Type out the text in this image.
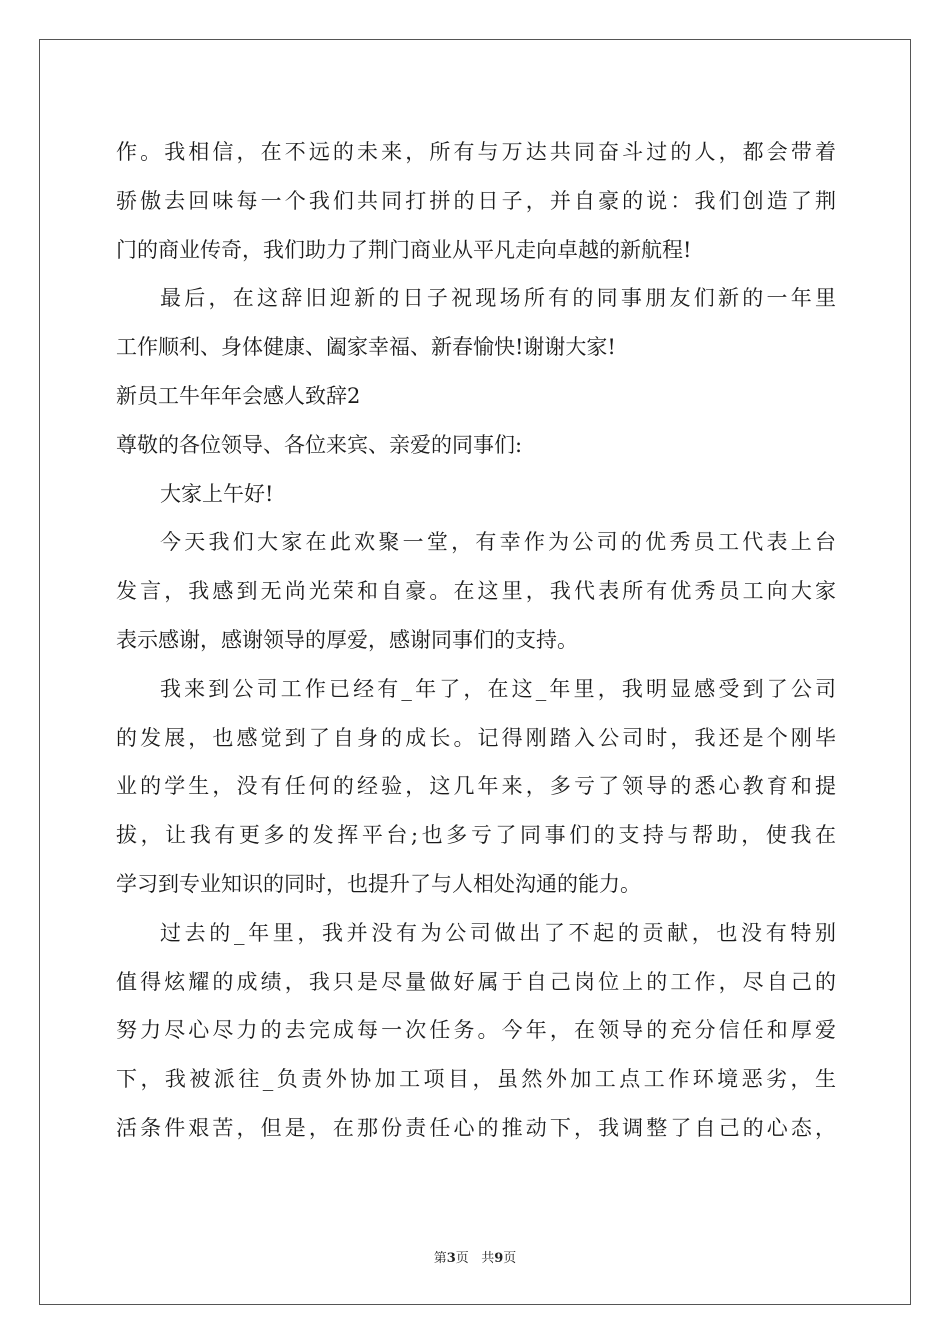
作。我相信，在不远的未来，所有与万达共同奋斗过的人，都会带着
骄傲去回味每一个我们共同打拼的日子，并自豪的说：我们创造了荆
门的商业传奇，我们助力了荆门商业从平凡走向卓越的新航程!
最后，在这辞旧迎新的日子祝现场所有的同事朋友们新的一年里
工作顺利、身体健康、阖家幸福、新春愉快!谢谢大家!
新员工牛年年会感人致辞2
尊敬的各位领导、各位来宾、亲爱的同事们:
大家上午好!
今天我们大家在此欢聚一堂，有幸作为公司的优秀员工代表上台
发言，我感到无尚光荣和自豪。在这里，我代表所有优秀员工向大家
表示感谢，感谢领导的厚爱，感谢同事们的支持。
我来到公司工作已经有_年了，在这_年里，我明显感受到了公司
的发展，也感觉到了自身的成长。记得刚踏入公司时，我还是个刚毕
业的学生，没有任何的经验，这几年来，多亏了领导的悉心教育和提
拔，让我有更多的发挥平台;也多亏了同事们的支持与帮助，使我在
学习到专业知识的同时，也提升了与人相处沟通的能力。
过去的_年里，我并没有为公司做出了不起的贡献，也没有特别
值得炫耀的成绩，我只是尽量做好属于自己岗位上的工作，尽自己的
努力尽心尽力的去完成每一次任务。今年，在领导的充分信任和厚爱
下，我被派往_负责外协加工项目，虽然外加工点工作环境恶劣，生
活条件艰苦，但是，在那份责任心的推动下，我调整了自己的心态，
第3页 共9页
